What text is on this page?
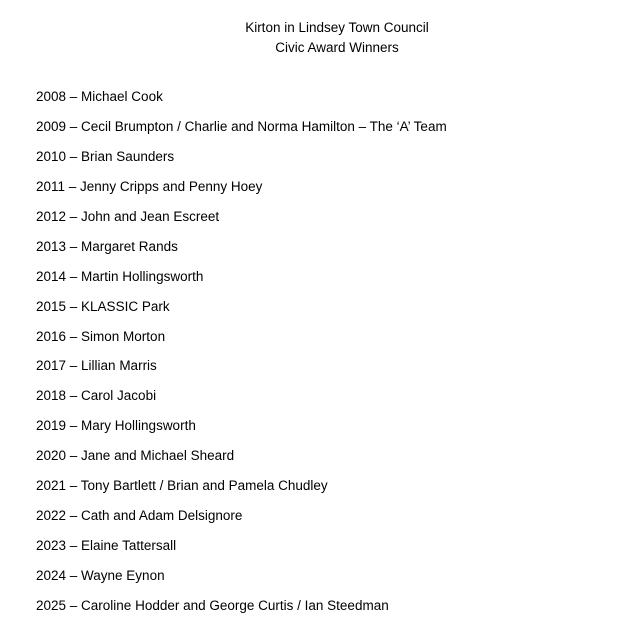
Kirton in Lindsey Town Council
Civic Award Winners
2008 – Michael Cook
2009 – Cecil Brumpton / Charlie and Norma Hamilton – The ‘A’ Team
2010 – Brian Saunders
2011 – Jenny Cripps and Penny Hoey
2012 – John and Jean Escreet
2013 – Margaret Rands
2014 – Martin Hollingsworth
2015 – KLASSIC Park
2016 – Simon Morton
2017 – Lillian Marris
2018 – Carol Jacobi
2019 – Mary Hollingsworth
2020 – Jane and Michael Sheard
2021 – Tony Bartlett / Brian and Pamela Chudley
2022 – Cath and Adam Delsignore
2023 – Elaine Tattersall
2024 – Wayne Eynon
2025 – Caroline Hodder and George Curtis / Ian Steedman
